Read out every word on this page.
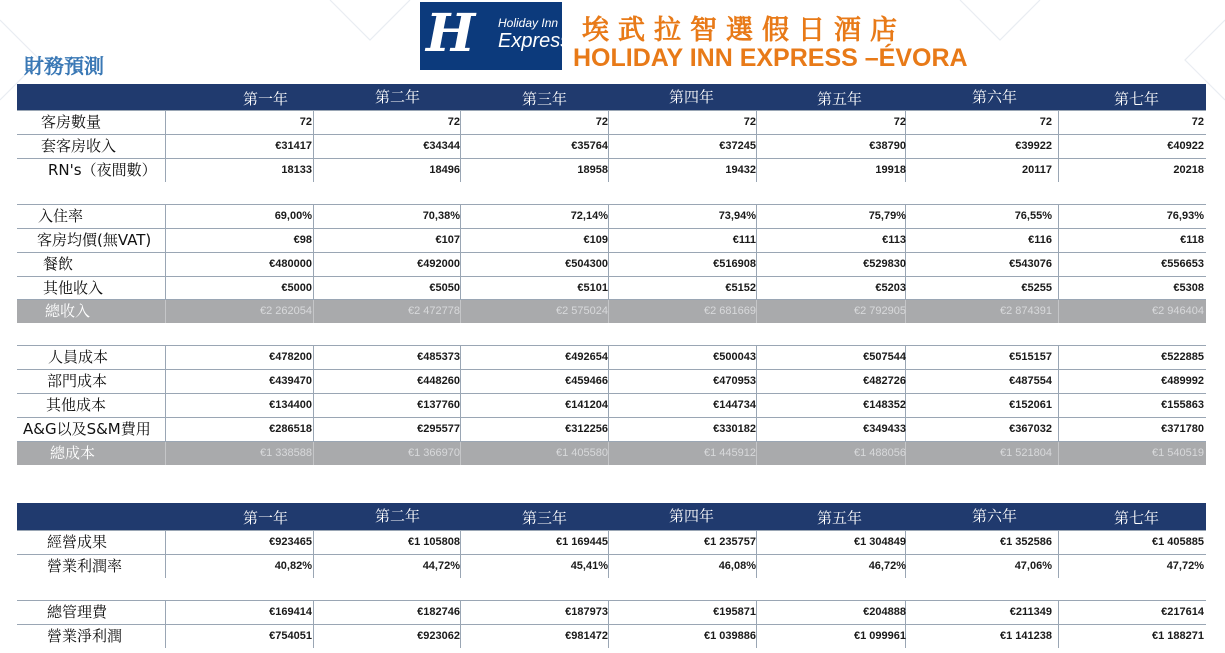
財務預測
H Holiday Inn
Express 埃武拉智選假日酒店
HOLIDAY INN EXPRESS –ÉVORA
第一年	第二年	第三年	第四年	第五年	第六年	第七年
客房數量	72	72	72	72	72	72	72
套客房收入	€31417	€34344	€35764	€37245	€38790	€39922	€40922
RN's（夜間數）	18133	18496	18958	19432	19918	20117	20218
入住率	69,00%	70,38%	72,14%	73,94%	75,79%	76,55%	76,93%
客房均價(無VAT)	€98	€107	€109	€111	€113	€116	€118
餐飲	€480000	€492000	€504300	€516908	€529830	€543076	€556653
其他收入	€5000	€5050	€5101	€5152	€5203	€5255	€5308
總收入	€2 262054	€2 472778	€2 575024	€2 681669	€2 792905	€2 874391	€2 946404
人員成本	€478200	€485373	€492654	€500043	€507544	€515157	€522885
部門成本	€439470	€448260	€459466	€470953	€482726	€487554	€489992
其他成本	€134400	€137760	€141204	€144734	€148352	€152061	€155863
A&G以及S&M費用	€286518	€295577	€312256	€330182	€349433	€367032	€371780
總成本	€1 338588	€1 366970	€1 405580	€1 445912	€1 488056	€1 521804	€1 540519
第一年	第二年	第三年	第四年	第五年	第六年	第七年
經營成果	€923465	€1 105808	€1 169445	€1 235757	€1 304849	€1 352586	€1 405885
營業利潤率	40,82%	44,72%	45,41%	46,08%	46,72%	47,06%	47,72%
總管理費	€169414	€182746	€187973	€195871	€204888	€211349	€217614
營業淨利潤	€754051	€923062	€981472	€1 039886	€1 099961	€1 141238	€1 188271
